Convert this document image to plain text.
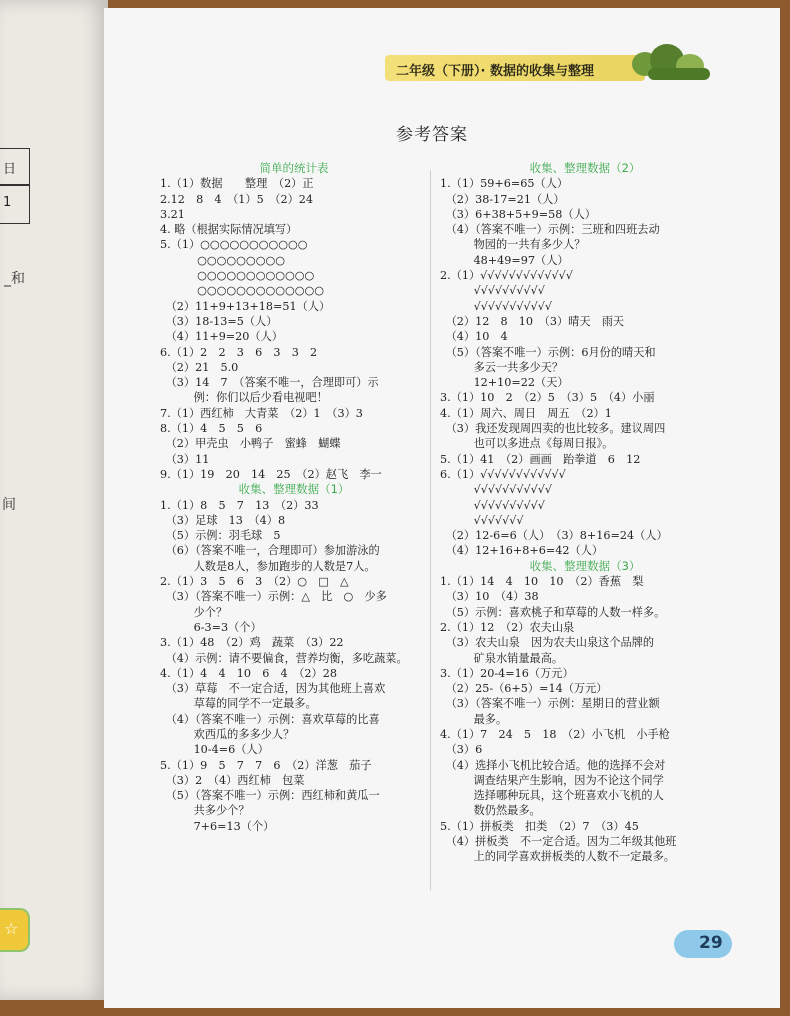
日
1
_和
间
☆
二年级（下册）· 数据的收集与整理
参考答案
简单的统计表
1.（1）数据　　整理　（2）正
2.12　8　4　（1）5　（2）24
3.21
4. 略（根据实际情况填写）
5.（1）○○○○○○○○○○○
　　　 ○○○○○○○○○
　　　 ○○○○○○○○○○○○
　　　 ○○○○○○○○○○○○○
　（2）11+9+13+18=51（人）
　（3）18-13=5（人）
　（4）11+9=20（人）
6.（1）2　2　3　6　3　3　2
　（2）21　5.0
　（3）14　7　（答案不唯一，合理即可）示
　　　例：你们以后少看电视吧！
7.（1）西红柿　大青菜　（2）1　（3）3
8.（1）4　5　5　6
　（2）甲壳虫　小鸭子　蜜蜂　蝴蝶
　（3）11
9.（1）19　20　14　25　（2）赵飞　李一
收集、整理数据（1）
1.（1）8　5　7　13　（2）33
　（3）足球　13　（4）8
　（5）示例：羽毛球　5
　（6）（答案不唯一，合理即可）参加游泳的
　　　人数是8人，参加跑步的人数是7人。
2.（1）3　5　6　3　（2）○　□　△
　（3）（答案不唯一）示例：△　比　○　少多
　　　少个？
　　　6-3=3（个）
3.（1）48　（2）鸡　蔬菜　（3）22
　（4）示例：请不要偏食，营养均衡，多吃蔬菜。
4.（1）4　4　10　6　4　（2）28
　（3）草莓　不一定合适，因为其他班上喜欢
　　　草莓的同学不一定最多。
　（4）（答案不唯一）示例：喜欢草莓的比喜
　　　欢西瓜的多多少人？
　　　10-4=6（人）
5.（1）9　5　7　7　6　（2）洋葱　茄子
　（3）2　（4）西红柿　包菜
　（5）（答案不唯一）示例：西红柿和黄瓜一
　　　共多少个？
　　　7+6=13（个）
收集、整理数据（2）
1.（1）59+6=65（人）
　（2）38-17=21（人）
　（3）6+38+5+9=58（人）
　（4）（答案不唯一）示例：三班和四班去动
　　　物园的一共有多少人？
　　　48+49=97（人）
2.（1）√√√√√√√√√√√√√
　　　√√√√√√√√√√
　　　√√√√√√√√√√√
　（2）12　8　10　（3）晴天　雨天
　（4）10　4
　（5）（答案不唯一）示例：6月份的晴天和
　　　多云一共多少天？
　　　12+10=22（天）
3.（1）10　2　（2）5　（3）5　（4）小丽
4.（1）周六、周日　周五　（2）1
　（3）我还发现周四卖的也比较多。建议周四
　　　也可以多进点《每周日报》。
5.（1）41　（2）画画　跆拳道　6　12
6.（1）√√√√√√√√√√√√
　　　√√√√√√√√√√√
　　　√√√√√√√√√√
　　　√√√√√√√
　（2）12-6=6（人）　（3）8+16=24（人）
　（4）12+16+8+6=42（人）
收集、整理数据（3）
1.（1）14　4　10　10　（2）香蕉　梨
　（3）10　（4）38
　（5）示例：喜欢桃子和草莓的人数一样多。
2.（1）12　（2）农夫山泉
　（3）农夫山泉　因为农夫山泉这个品牌的
　　　矿泉水销量最高。
3.（1）20-4=16（万元）
　（2）25-（6+5）=14（万元）
　（3）（答案不唯一）示例：星期日的营业额
　　　最多。
4.（1）7　24　5　18　（2）小飞机　小手枪
　（3）6
　（4）选择小飞机比较合适。他的选择不会对
　　　调查结果产生影响，因为不论这个同学
　　　选择哪种玩具，这个班喜欢小飞机的人
　　　数仍然最多。
5.（1）拼板类　扣类　（2）7　（3）45
　（4）拼板类　不一定合适。因为二年级其他班
　　　上的同学喜欢拼板类的人数不一定最多。
29
